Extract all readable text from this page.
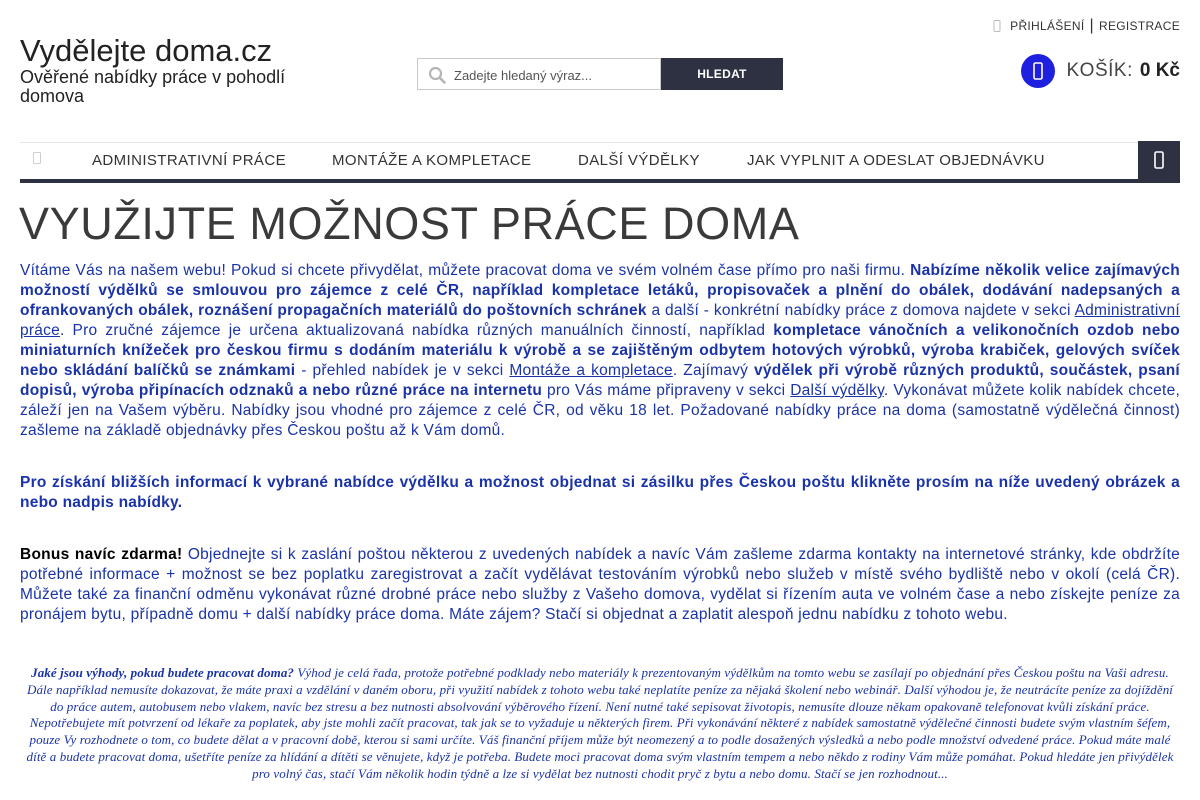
Vydělejte doma.cz
Ověřené nabídky práce v pohodlí domova
Zadejte hledaný výraz...
HLEDAT
PŘIHLÁŠENÍ | REGISTRACE
KOŠÍK: 0 Kč
ADMINISTRATIVNÍ PRÁCE	MONTÁŽE A KOMPLETACE	DALŠÍ VÝDĚLKY	JAK VYPLNIT A ODESLAT OBJEDNÁVKU
VYUŽIJTE MOŽNOST PRÁCE DOMA

Vítáme Vás na našem webu! Pokud si chcete přivydělat, můžete pracovat doma ve svém volném čase přímo pro naši firmu. Nabízíme několik velice zajímavých možností výdělků se smlouvou pro zájemce z celé ČR, například kompletace letáků, propisovaček a plnění do obálek, dodávání nadepsaných a ofrankovaných obálek, roznášení propagačních materiálů do poštovních schránek a další - konkrétní nabídky práce z domova najdete v sekci Administrativní práce. Pro zručné zájemce je určena aktualizovaná nabídka různých manuálních činností, například kompletace vánočních a velikonočních ozdob nebo miniaturních knížeček pro českou firmu s dodáním materiálu k výrobě a se zajištěným odbytem hotových výrobků, výroba krabiček, gelových svíček nebo skládání balíčků se známkami - přehled nabídek je v sekci Montáže a kompletace. Zajímavý výdělek při výrobě různých produktů, součástek, psaní dopisů, výroba připínacích odznaků a nebo různé práce na internetu pro Vás máme připraveny v sekci Další výdělky. Vykonávat můžete kolik nabídek chcete, záleží jen na Vašem výběru. Nabídky jsou vhodné pro zájemce z celé ČR, od věku 18 let. Požadované nabídky práce na doma (samostatně výdělečná činnost) zašleme na základě objednávky přes Českou poštu až k Vám domů.

Pro získání bližších informací k vybrané nabídce výdělku a možnost objednat si zásilku přes Českou poštu klikněte prosím na níže uvedený obrázek a nebo nadpis nabídky.

Bonus navíc zdarma! Objednejte si k zaslání poštou některou z uvedených nabídek a navíc Vám zašleme zdarma kontakty na internetové stránky, kde obdržíte potřebné informace + možnost se bez poplatku zaregistrovat a začít vydělávat testováním výrobků nebo služeb v místě svého bydliště nebo v okolí (celá ČR). Můžete také za finanční odměnu vykonávat různé drobné práce nebo služby z Vašeho domova, vydělat si řízením auta ve volném čase a nebo získejte peníze za pronájem bytu, případně domu + další nabídky práce doma. Máte zájem? Stačí si objednat a zaplatit alespoň jednu nabídku z tohoto webu.

Jaké jsou výhody, pokud budete pracovat doma? Výhod je celá řada, protože potřebné podklady nebo materiály k prezentovaným výdělkům na tomto webu se zasílají po objednání přes Českou poštu na Vaši adresu. Dále například nemusíte dokazovat, že máte praxi a vzdělání v daném oboru, při využití nabídek z tohoto webu také neplatíte peníze za nějaká školení nebo webinář. Další výhodou je, že neutrácíte peníze za dojíždění do práce autem, autobusem nebo vlakem, navíc bez stresu a bez nutnosti absolvování výběrového řízení. Není nutné také sepisovat životopis, nemusíte dlouze někam opakovaně telefonovat kvůli získání práce. Nepotřebujete mít potvrzení od lékaře za poplatek, aby jste mohli začít pracovat, tak jak se to vyžaduje u některých firem. Při vykonávání některé z nabídek samostatně výdělečné činnosti budete svým vlastním šéfem, pouze Vy rozhodnete o tom, co budete dělat a v pracovní době, kterou si sami určíte. Váš finanční příjem může být neomezený a to podle dosažených výsledků a nebo podle množství odvedené práce. Pokud máte malé dítě a budete pracovat doma, ušetříte peníze za hlídání a dítěti se věnujete, když je potřeba. Budete moci pracovat doma svým vlastním tempem a nebo někdo z rodiny Vám může pomáhat. Pokud hledáte jen přivýdělek pro volný čas, stačí Vám několik hodin týdně a lze si vydělat bez nutnosti chodit pryč z bytu a nebo domu. Stačí se jen rozhodnout...
